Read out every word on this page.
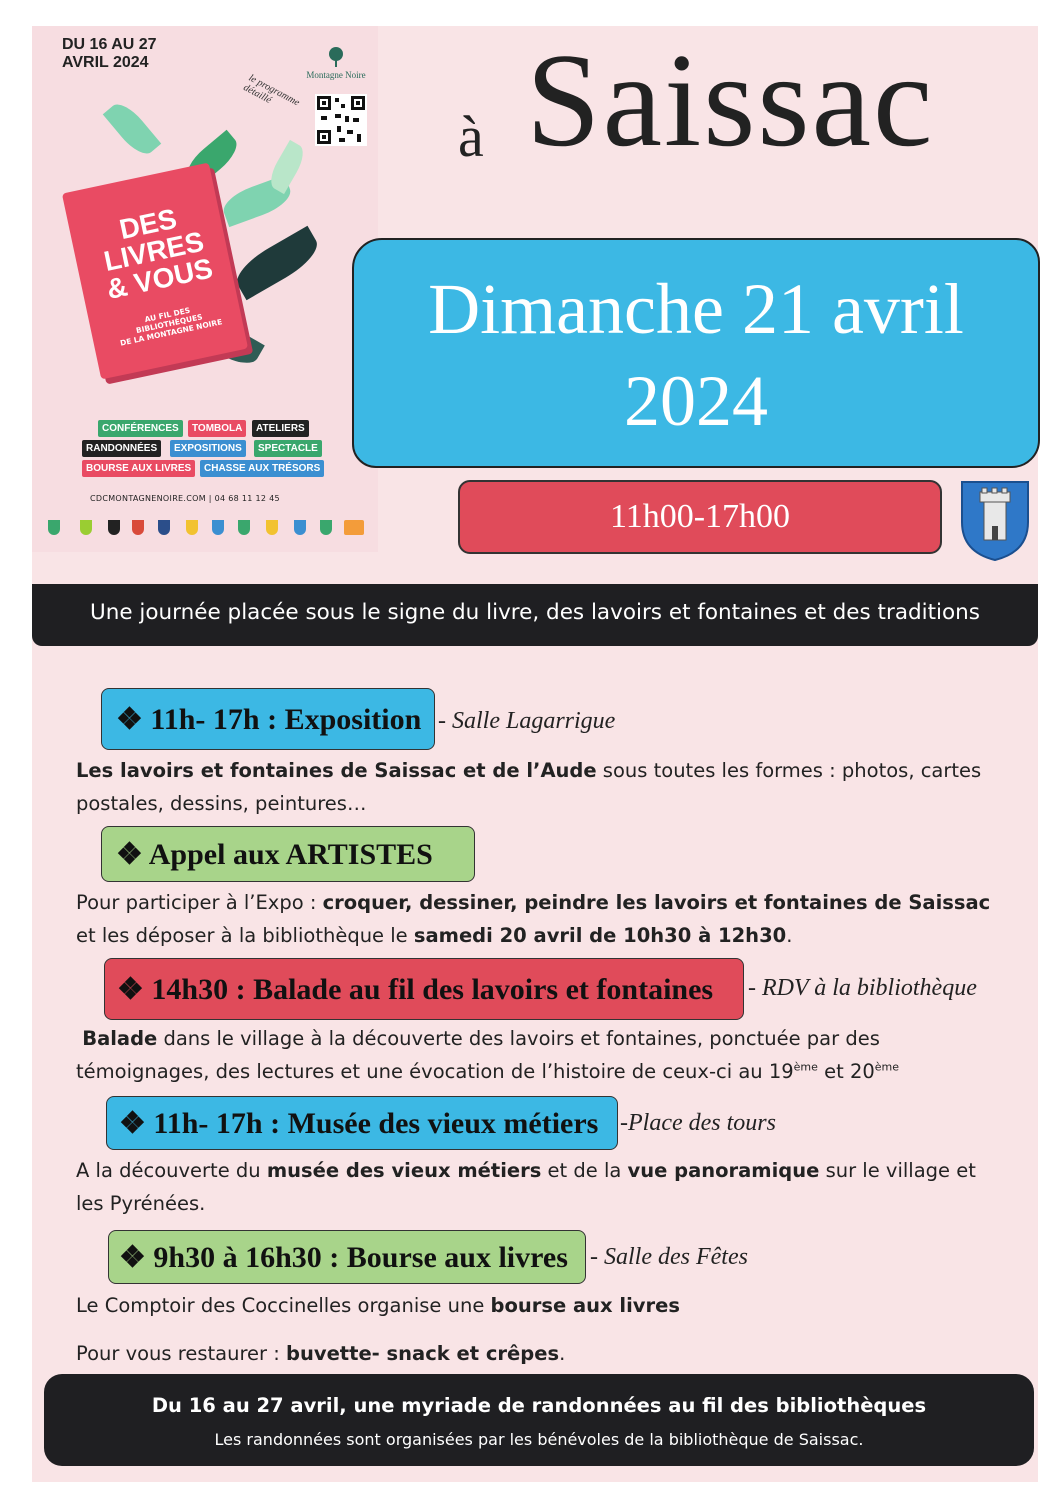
DU 16 AU 27
AVRIL 2024
Montagne Noire
le programme détaillé
DES
LIVRES
& VOUS
AU FIL DES BIBLIOTHÈQUES
DE LA MONTAGNE NOIRE
CONFÉRENCES	TOMBOLA	ATELIERS
RANDONNÉES	EXPOSITIONS	SPECTACLE
BOURSE AUX LIVRES	CHASSE AUX TRÉSORS
CDCMONTAGNENOIRE.COM | 04 68 11 12 45
à Saissac
Dimanche 21 avril
2024
11h00-17h00
Une journée placée sous le signe du livre, des lavoirs et fontaines et des traditions
❖ 11h- 17h : Exposition - Salle Lagarrigue
Les lavoirs et fontaines de Saissac et de l’Aude sous toutes les formes : photos, cartes postales, dessins, peintures…
❖ Appel aux ARTISTES
Pour participer à l’Expo : croquer, dessiner, peindre les lavoirs et fontaines de Saissac et les déposer à la bibliothèque le samedi 20 avril de 10h30 à 12h30.
❖ 14h30 : Balade au fil des lavoirs et fontaines	- RDV à la bibliothèque
Balade dans le village à la découverte des lavoirs et fontaines, ponctuée par des témoignages, des lectures et une évocation de l’histoire de ceux-ci au 19ème et 20ème
❖ 11h- 17h : Musée des vieux métiers -Place des tours
A la découverte du musée des vieux métiers et de la vue panoramique sur le village et les Pyrénées.
❖ 9h30 à 16h30 : Bourse aux livres - Salle des Fêtes
Le Comptoir des Coccinelles organise une bourse aux livres
Pour vous restaurer : buvette- snack et crêpes.
Du 16 au 27 avril, une myriade de randonnées au fil des bibliothèques
Les randonnées sont organisées par les bénévoles de la bibliothèque de Saissac.
